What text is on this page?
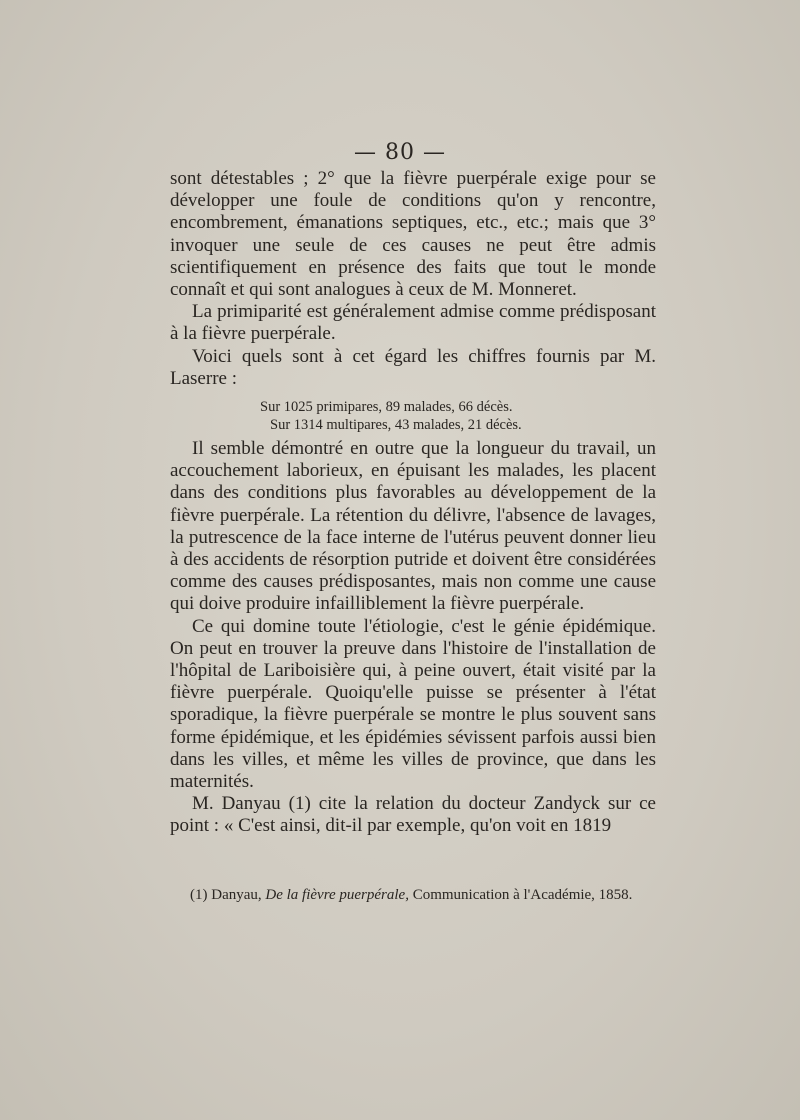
— 80 —

sont détestables ; 2° que la fièvre puerpérale exige pour se développer une foule de conditions qu'on y rencontre, encombrement, émanations septiques, etc., etc.; mais que 3° invoquer une seule de ces causes ne peut être admis scientifiquement en présence des faits que tout le monde connaît et qui sont analogues à ceux de M. Monneret.

La primiparité est généralement admise comme prédisposant à la fièvre puerpérale.

Voici quels sont à cet égard les chiffres fournis par M. Laserre :

Sur 1025 primipares, 89 malades, 66 décès.
Sur 1314 multipares, 43 malades, 21 décès.

Il semble démontré en outre que la longueur du travail, un accouchement laborieux, en épuisant les malades, les placent dans des conditions plus favorables au développement de la fièvre puerpérale. La rétention du délivre, l'absence de lavages, la putrescence de la face interne de l'utérus peuvent donner lieu à des accidents de résorption putride et doivent être considérées comme des causes prédisposantes, mais non comme une cause qui doive produire infailliblement la fièvre puerpérale.

Ce qui domine toute l'étiologie, c'est le génie épidémique. On peut en trouver la preuve dans l'histoire de l'installation de l'hôpital de Lariboisière qui, à peine ouvert, était visité par la fièvre puerpérale. Quoiqu'elle puisse se présenter à l'état sporadique, la fièvre puerpérale se montre le plus souvent sans forme épidémique, et les épidémies sévissent parfois aussi bien dans les villes, et même les villes de province, que dans les maternités.

M. Danyau (1) cite la relation du docteur Zandyck sur ce point : « C'est ainsi, dit-il par exemple, qu'on voit en 1819

(1) Danyau, De la fièvre puerpérale, Communication à l'Académie, 1858.
